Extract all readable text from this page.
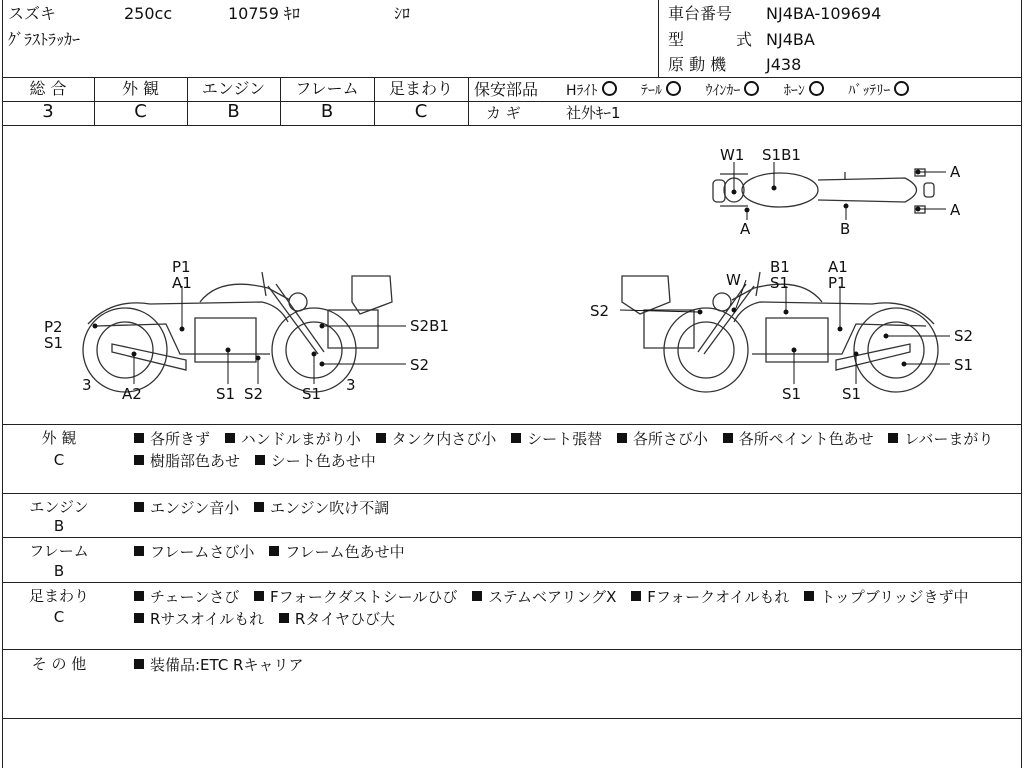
スズキ	250cc	10759 ｷﾛ	ｼﾛ
ｸﾞﾗｽﾄﾗｯｶｰ
車台番号 NJ4BA-109694
型	式 NJ4BA
原 動 機 J438
総 合	外 観	エンジン	フレーム	足まわり
3	C	B	B	C
保安部品 Hﾗｲﾄ	ﾃｰﾙ	ｳｲﾝｶｰ	ﾎｰﾝ	ﾊﾞｯﾃﾘｰ
カ ギ	社外ｷｰ1
W1 S1B1
A
A
A	B
P1
A1
P2
S1
S2B1
S2
3 A2	S1 S2	S1 3
W
B1
S1
A1
P1
S2
S2
S1
S1	S1
外 観
C
各所きず ハンドルまがり小 タンク内さび小 シート張替 各所さび小 各所ペイント色あせ レバーまがり 樹脂部色あせ シート色あせ中
エンジン
B
エンジン音小 エンジン吹け不調
フレーム
B
フレームさび小 フレーム色あせ中
足まわり
C
チェーンさび Fフォークダストシールひび ステムベアリングX Fフォークオイルもれ トップブリッジきず中 Rサスオイルもれ Rタイヤひび大
そ の 他	装備品:ETC Rキャリア
